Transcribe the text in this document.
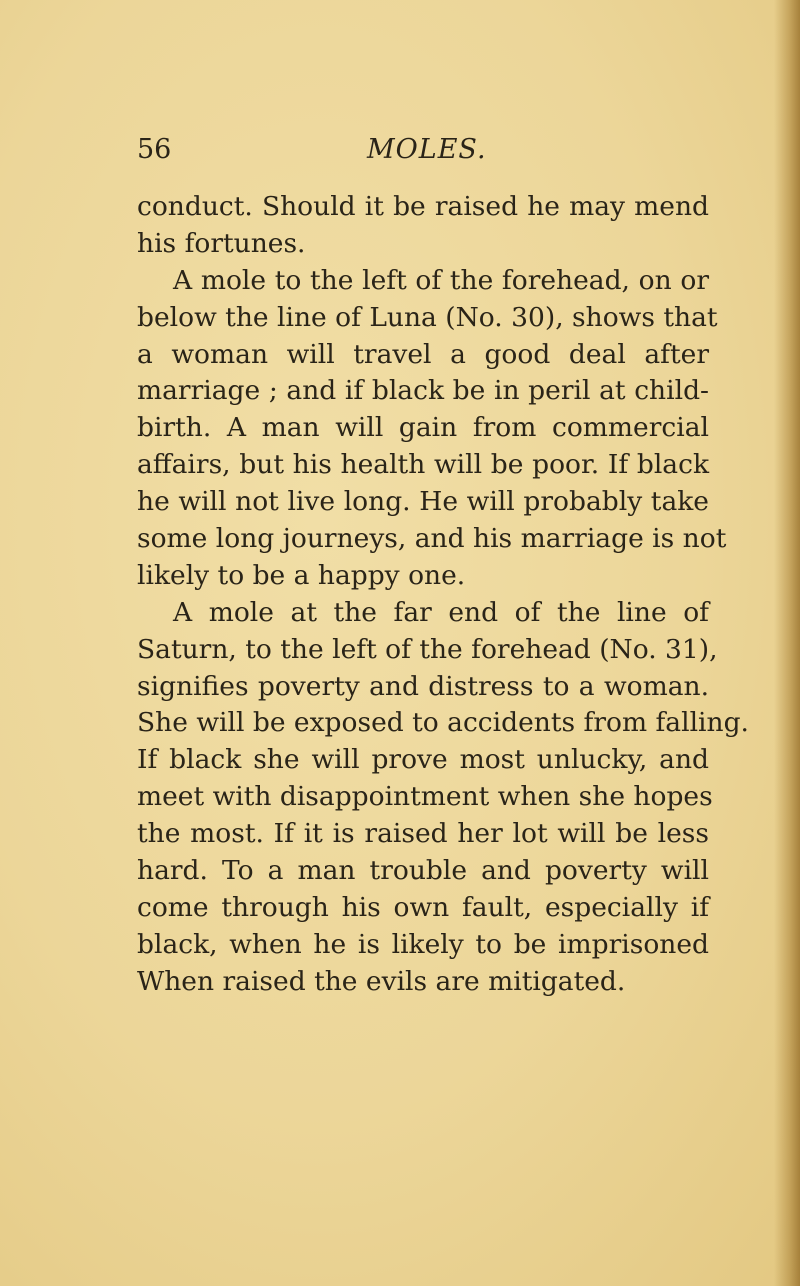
56	MOLES.
conduct. Should it be raised he may mend
his fortunes.
A mole to the left of the forehead, on or
below the line of Luna (No. 30), shows that
a woman will travel a good deal after
marriage ; and if black be in peril at child-
birth. A man will gain from commercial
affairs, but his health will be poor. If black
he will not live long. He will probably take
some long journeys, and his marriage is not
likely to be a happy one.
A mole at the far end of the line of
Saturn, to the left of the forehead (No. 31),
signifies poverty and distress to a woman.
She will be exposed to accidents from falling.
If black she will prove most unlucky, and
meet with disappointment when she hopes
the most. If it is raised her lot will be less
hard. To a man trouble and poverty will
come through his own fault, especially if
black, when he is likely to be imprisoned
When raised the evils are mitigated.
